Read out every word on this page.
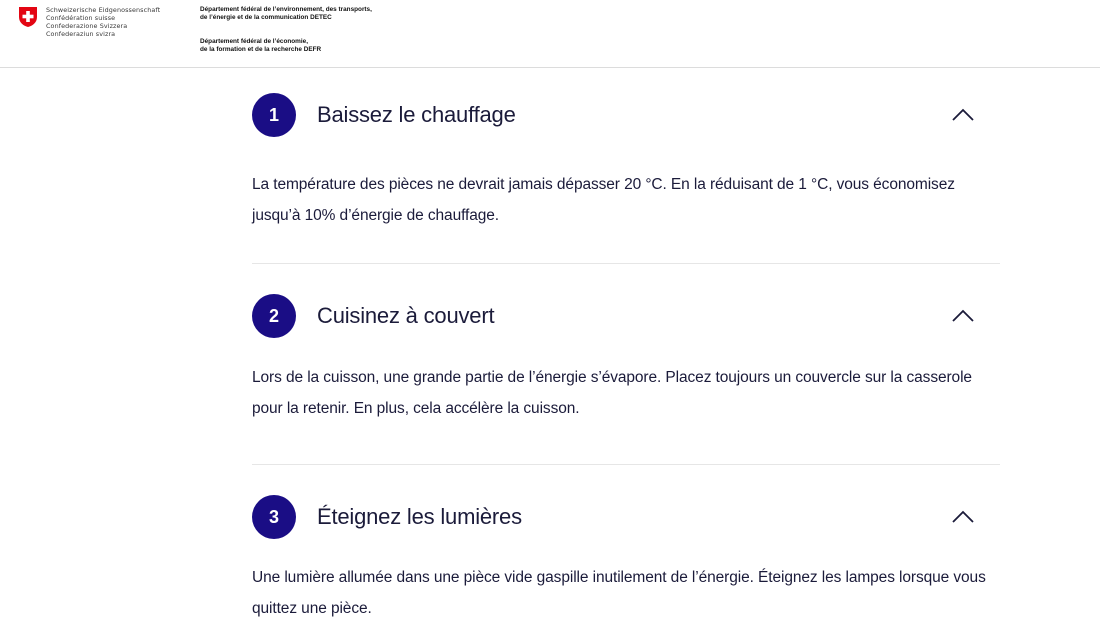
Schweizerische Eidgenossenschaft
Confédération suisse
Confederazione Svizzera
Confederaziun svizra
Département fédéral de l’environnement, des transports,
de l’énergie et de la communication DETEC
Département fédéral de l’économie,
de la formation et de la recherche DEFR
1	Baissez le chauffage
La température des pièces ne devrait jamais dépasser 20 °C. En la réduisant de 1 °C, vous économisez jusqu’à 10% d’énergie de chauffage.
2	Cuisinez à couvert
Lors de la cuisson, une grande partie de l’énergie s’évapore. Placez toujours un couvercle sur la casserole pour la retenir. En plus, cela accélère la cuisson.
3	Éteignez les lumières
Une lumière allumée dans une pièce vide gaspille inutilement de l’énergie. Éteignez les lampes lorsque vous quittez une pièce.
